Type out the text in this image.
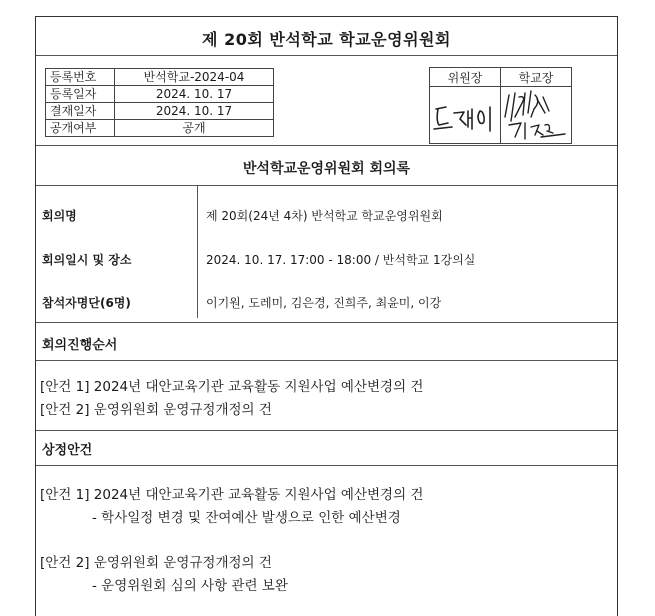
제 20회 반석학교 학교운영위원회
등록번호	반석학교-2024-04
등록일자	2024. 10. 17
결재일자	2024. 10. 17
공개여부	공개
위원장	학교장

반석학교운영위원회 회의록
회의명	제 20회(24년 4차) 반석학교 학교운영위원회
회의일시 및 장소	2024. 10. 17. 17:00 - 18:00 / 반석학교 1강의실
참석자명단(6명)	이기원, 도레미, 김은경, 진희주, 최윤미, 이강
회의진행순서
[안건 1] 2024년 대안교육기관 교육활동 지원사업 예산변경의 건
[안건 2] 운영위원회 운영규정개정의 건
상정안건
[안건 1] 2024년 대안교육기관 교육활동 지원사업 예산변경의 건
- 학사일정 변경 및 잔여예산 발생으로 인한 예산변경
[안건 2] 운영위원회 운영규정개정의 건
- 운영위원회 심의 사항 관련 보완
